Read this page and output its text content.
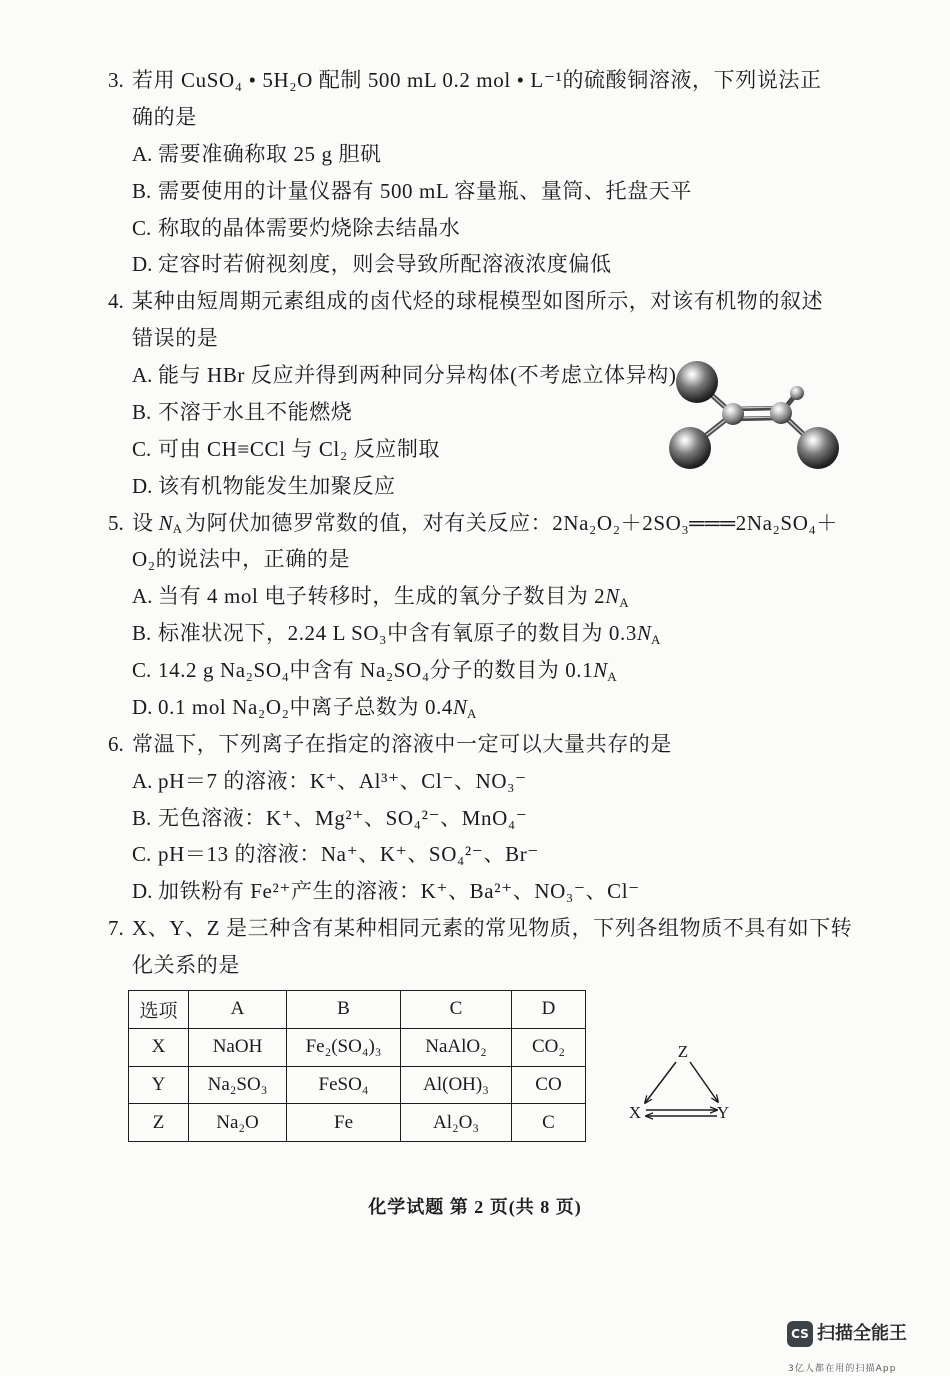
3. 若用 CuSO₄ • 5H₂O 配制 500 mL 0.2 mol • L⁻¹的硫酸铜溶液，下列说法正
确的是
A. 需要准确称取 25 g 胆矾
B. 需要使用的计量仪器有 500 mL 容量瓶、量筒、托盘天平
C. 称取的晶体需要灼烧除去结晶水
D. 定容时若俯视刻度，则会导致所配溶液浓度偏低
4. 某种由短周期元素组成的卤代烃的球棍模型如图所示，对该有机物的叙述
错误的是
A. 能与 HBr 反应并得到两种同分异构体(不考虑立体异构)
B. 不溶于水且不能燃烧
C. 可由 CH≡CCl 与 Cl₂ 反应制取
D. 该有机物能发生加聚反应
5. 设 $N_A$ 为阿伏加德罗常数的值，对有关反应：2Na₂O₂＋2SO₃═══2Na₂SO₄＋
O₂的说法中，正确的是
A. 当有 4 mol 电子转移时，生成的氧分子数目为 $2N_A$
B. 标准状况下，2.24 L SO₃中含有氧原子的数目为 $0.3N_A$
C. 14.2 g Na₂SO₄中含有 Na₂SO₄分子的数目为 $0.1N_A$
D. 0.1 mol Na₂O₂中离子总数为 $0.4N_A$
6. 常温下，下列离子在指定的溶液中一定可以大量共存的是
A. pH＝7 的溶液：K⁺、Al³⁺、Cl⁻、NO₃⁻
B. 无色溶液：K⁺、Mg²⁺、SO₄²⁻、MnO₄⁻
C. pH＝13 的溶液：Na⁺、K⁺、SO₄²⁻、Br⁻
D. 加铁粉有 Fe²⁺产生的溶液：K⁺、Ba²⁺、NO₃⁻、Cl⁻
7. X、Y、Z 是三种含有某种相同元素的常见物质，下列各组物质不具有如下转
化关系的是
选项	A	B	C	D
X	NaOH	Fe₂(SO₄)₃	NaAlO₂	CO₂
Y	Na₂SO₃	FeSO₄	Al(OH)₃	CO
Z	Na₂O	Fe	Al₂O₃	C
Z
X	Y
化学试题 第 2 页(共 8 页)
CS 扫描全能王
3亿人都在用的扫描App
